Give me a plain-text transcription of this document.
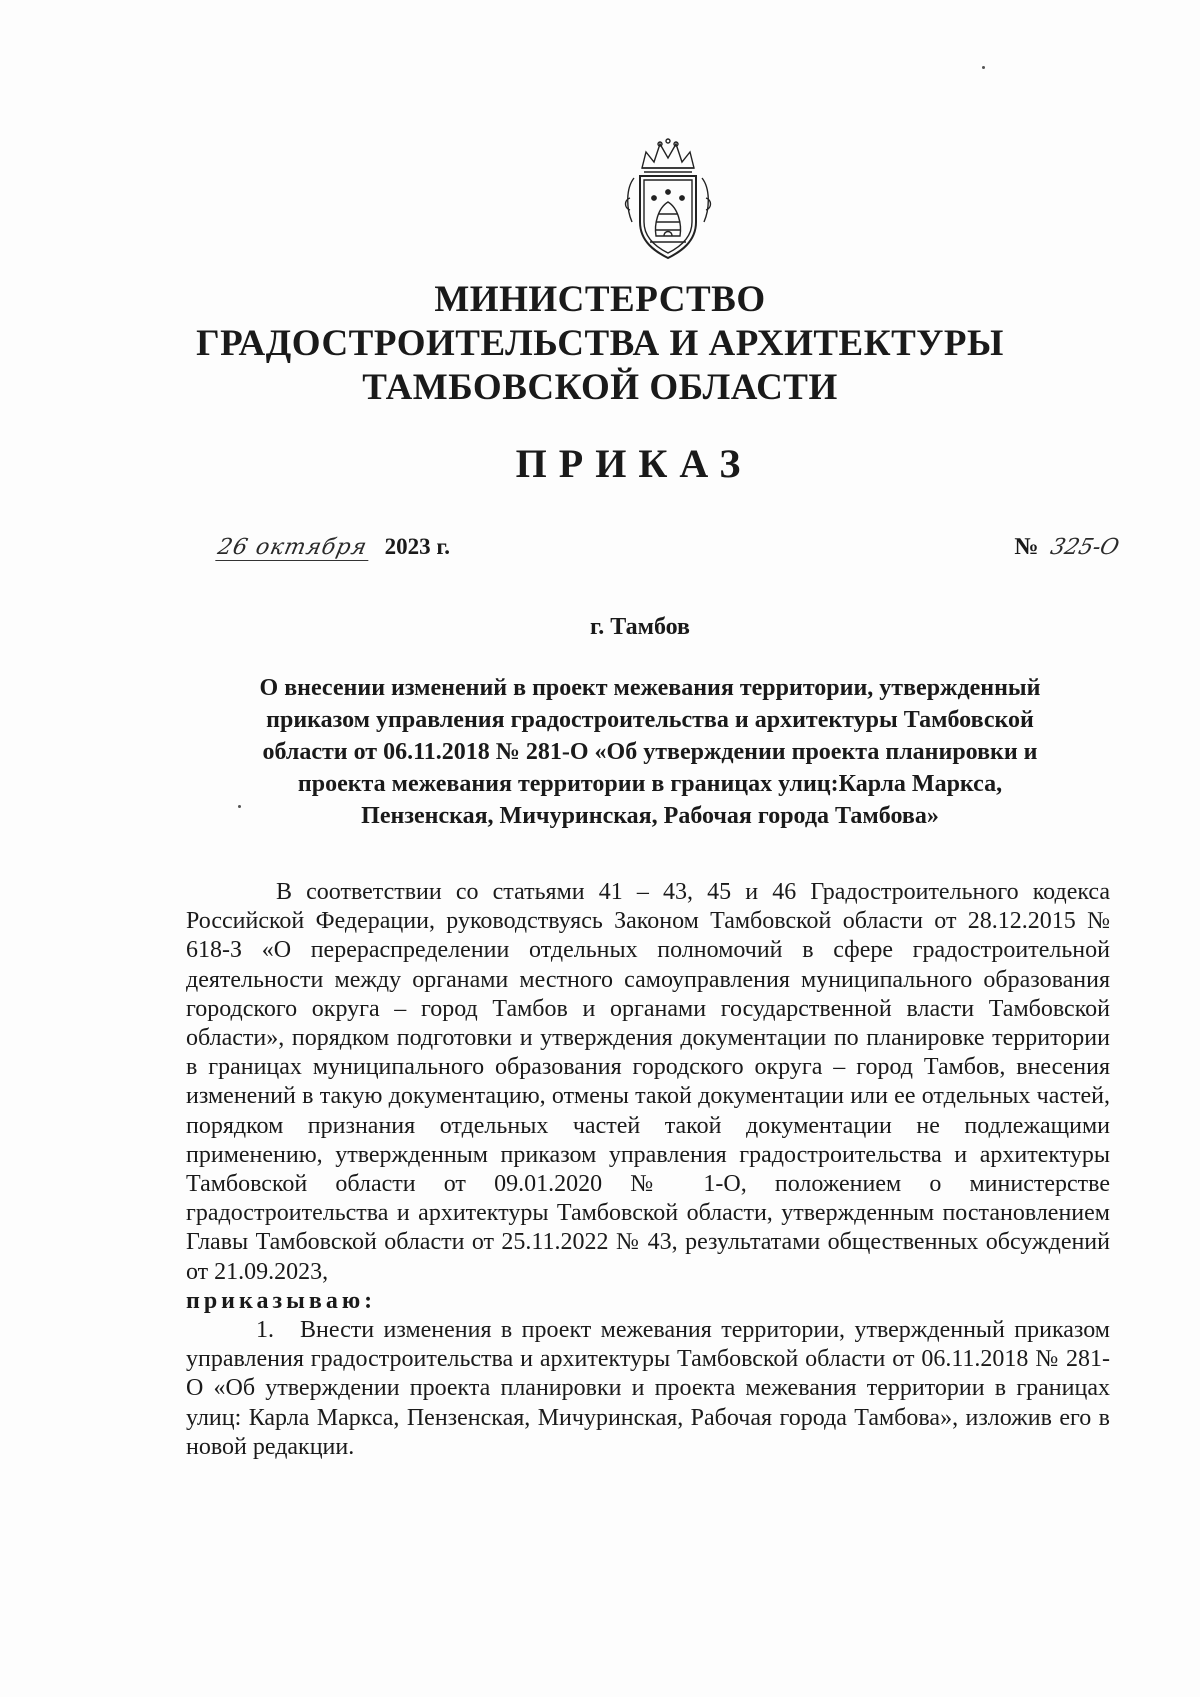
МИНИСТЕРСТВО
ГРАДОСТРОИТЕЛЬСТВА И АРХИТЕКТУРЫ
ТАМБОВСКОЙ ОБЛАСТИ
ПРИКАЗ
26 октября 2023 г.	№ 325-О
г. Тамбов
О внесении изменений в проект межевания территории, утвержденный
приказом управления градостроительства и архитектуры Тамбовской
области от 06.11.2018 № 281-О «Об утверждении проекта планировки и
проекта межевания территории в границах улиц:Карла Маркса,
Пензенская, Мичуринская, Рабочая города Тамбова»

В соответствии со статьями 41 – 43, 45 и 46 Градостроительного кодекса Российской Федерации, руководствуясь Законом Тамбовской области от 28.12.2015 № 618-З «О перераспределении отдельных полномочий в сфере градостроительной деятельности между органами местного самоуправления муниципального образования городского округа – город Тамбов и органами государственной власти Тамбовской области», порядком подготовки и утверждения документации по планировке территории в границах муниципального образования городского округа – город Тамбов, внесения изменений в такую документацию, отмены такой документации или ее отдельных частей, порядком признания отдельных частей такой документации не подлежащими применению, утвержденным приказом управления градостроительства и архитектуры Тамбовской области от 09.01.2020 № 1-О, положением о министерстве градостроительства и архитектуры Тамбовской области, утвержденным постановлением Главы Тамбовской области от 25.11.2022 № 43, результатами общественных обсуждений от 21.09.2023,

приказываю:

1. Внести изменения в проект межевания территории, утвержденный приказом управления градостроительства и архитектуры Тамбовской области от 06.11.2018 № 281-О «Об утверждении проекта планировки и проекта межевания территории в границах улиц: Карла Маркса, Пензенская, Мичуринская, Рабочая города Тамбова», изложив его в новой редакции.
